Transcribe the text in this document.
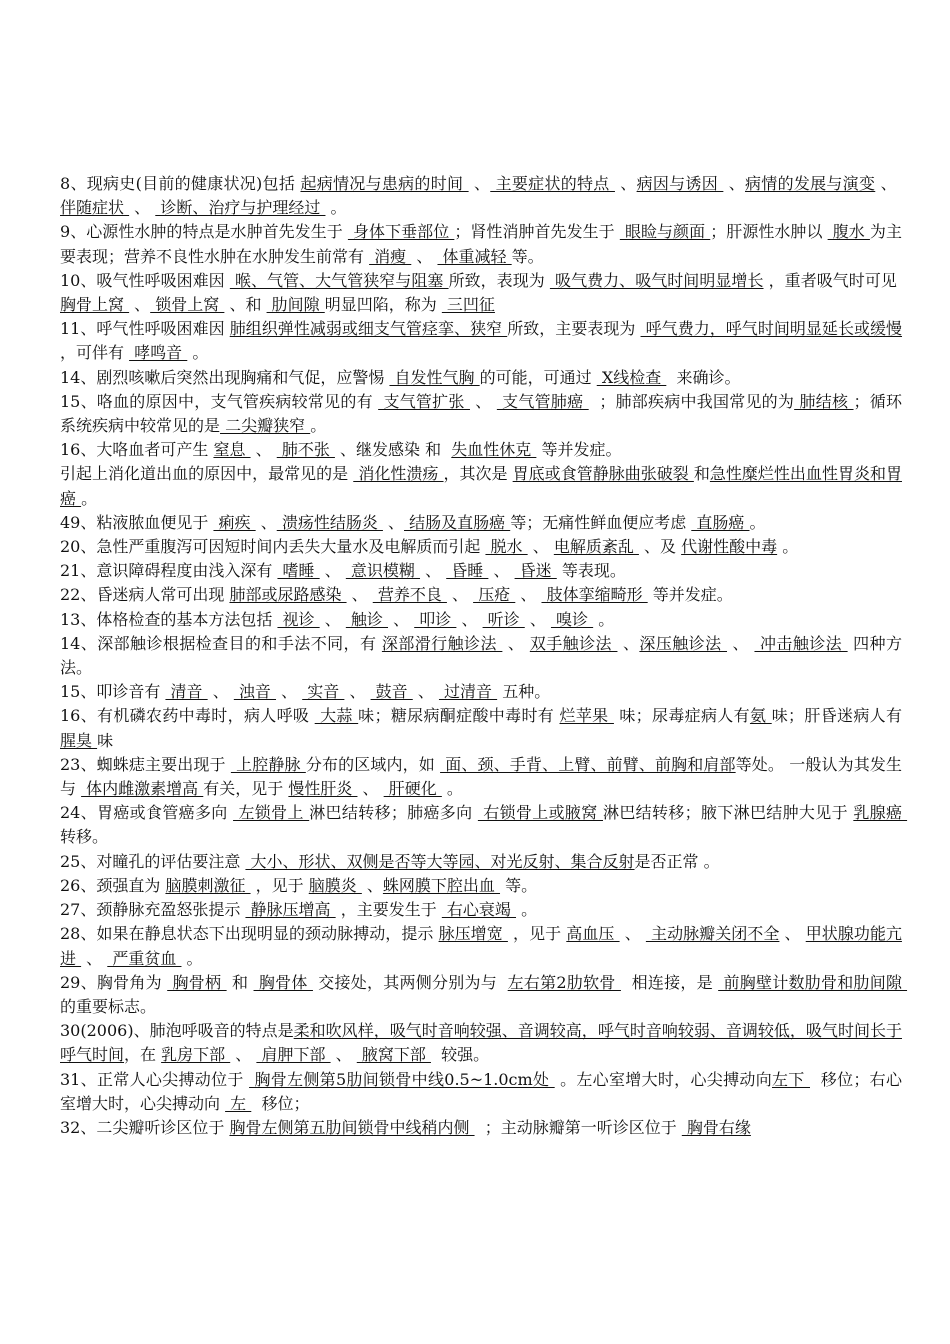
8、现病史(目前的健康状况)包括 起病情况与患病的时间  、 主要症状的特点  、病因与诱因  、病情的发展与演变 、  伴随症状  、  诊断、治疗与护理经过  。

9、心源性水肿的特点是水肿首先发生于  身体下垂部位 ；肾性消肿首先发生于  眼睑与颜面 ；肝源性水肿以  腹水 为主要表现；营养不良性水肿在水肿发生前常有  消瘦  、  体重减轻 等。

10、吸气性呼吸困难因  喉、气管、大气管狭窄与阻塞 所致，表现为  吸气费力、吸气时间明显增长 ，重者吸气时可见  胸骨上窝  、 锁骨上窝  、和  肋间隙 明显凹陷，称为  三凹征

11、呼气性呼吸困难因 肺组织弹性减弱或细支气管痉挛、狭窄 所致，主要表现为  呼气费力，呼气时间明显延长或缓慢  ，可伴有  哮鸣音  。

14、剧烈咳嗽后突然出现胸痛和气促，应警惕  自发性气胸 的可能，可通过  X线检查   来确诊。

15、咯血的原因中，支气管疾病较常见的有  支气管扩张  、  支气管肺癌   ；肺部疾病中我国常见的为 肺结核 ；循环系统疾病中较常见的是 二尖瓣狭窄 。

16、大咯血者可产生 窒息  、  肺不张  、继发感染 和  失血性休克  等并发症。

引起上消化道出血的原因中，最常见的是  消化性溃疡 ，其次是 胃底或食管静脉曲张破裂 和急性糜烂性出血性胃炎和胃癌 。

49、粘液脓血便见于  痢疾  、 溃疡性结肠炎  、 结肠及直肠癌 等；无痛性鲜血便应考虑  直肠癌 。

20、急性严重腹泻可因短时间内丢失大量水及电解质而引起  脱水  、 电解质紊乱  、及 代谢性酸中毒 。

21、意识障碍程度由浅入深有  嗜睡  、  意识模糊  、  昏睡  、  昏迷  等表现。

22、昏迷病人常可出现 肺部或尿路感染  、  营养不良  、  压疮  、  肢体挛缩畸形  等并发症。

13、体格检查的基本方法包括  视诊  、  触诊  、  叩诊  、  听诊  、  嗅诊  。

14、深部触诊根据检查目的和手法不同，有 深部滑行触诊法  、 双手触诊法  、深压触诊法  、  冲击触诊法  四种方法。

15、叩诊音有  清音  、  浊音  、  实音  、  鼓音  、  过清音  五种。

16、有机磷农药中毒时，病人呼吸  大蒜 味；糖尿病酮症酸中毒时有 烂苹果  味；尿毒症病人有氨 味；肝昏迷病人有 腥臭 味

23、蜘蛛痣主要出现于  上腔静脉 分布的区域内，如  面、颈、手背、上臂、前臂、前胸和肩部等处。 一般认为其发生与  体内雌激素增高 有关，见于 慢性肝炎  、  肝硬化  。

24、胃癌或食管癌多向  左锁骨上 淋巴结转移；肺癌多向  右锁骨上或腋窝 淋巴结转移；腋下淋巴结肿大见于 乳腺癌  转移。

25、对瞳孔的评估要注意  大小、形状、双侧是否等大等园、对光反射、集合反射是否正常 。

26、颈强直为 脑膜刺激征  ，见于 脑膜炎  、蛛网膜下腔出血  等。

27、颈静脉充盈怒张提示  静脉压增高  ，主要发生于  右心衰竭  。

28、如果在静息状态下出现明显的颈动脉搏动，提示 脉压增宽  ，见于 高血压  、  主动脉瓣关闭不全 、 甲状腺功能亢进  、  严重贫血  。

29、胸骨角为  胸骨柄  和  胸骨体  交接处，其两侧分别为与  左右第2肋软骨   相连接，是  前胸壁计数肋骨和肋间隙  的重要标志。

30(2006)、肺泡呼吸音的特点是柔和吹风样，吸气时音响较强、音调较高，呼气时音响较弱、音调较低，吸气时间长于呼气时间，在 乳房下部  、  肩胛下部  、  腋窝下部   较强。

31、正常人心尖搏动位于  胸骨左侧第5肋间锁骨中线0.5~1.0cm处  。左心室增大时，心尖搏动向左下   移位；右心室增大时，心尖搏动向  左   移位；

32、二尖瓣听诊区位于 胸骨左侧第五肋间锁骨中线稍内侧   ；主动脉瓣第一听诊区位于  胸骨右缘
